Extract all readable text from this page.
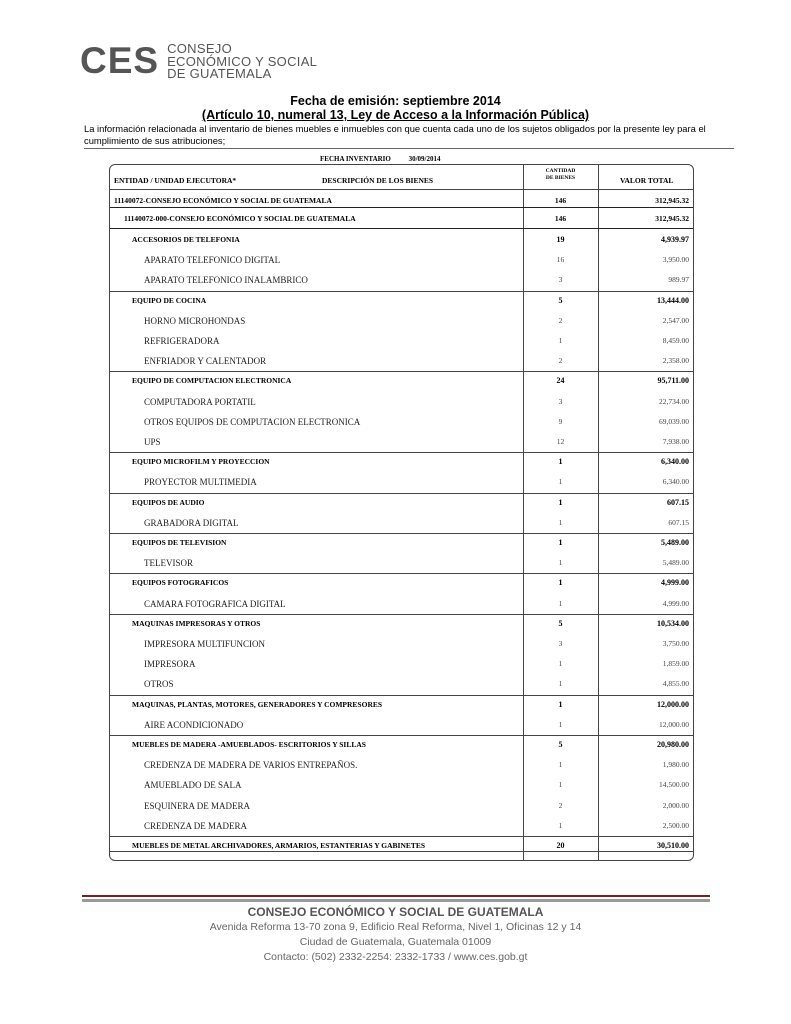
CES CONSEJO
ECONÓMICO Y SOCIAL
DE GUATEMALA
Fecha de emisión: septiembre 2014
(Artículo 10, numeral 13, Ley de Acceso a la Información Pública)
La información relacionada al inventario de bienes muebles e inmuebles con que cuenta cada uno de los sujetos obligados por la presente ley para el cumplimiento de sus atribuciones;
FECHA INVENTARIO	30/09/2014
ENTIDAD / UNIDAD EJECUTORA*	DESCRIPCIÓN DE LOS BIENES
CANTIDAD
DE BIENES	VALOR TOTAL
11140072-CONSEJO ECONÓMICO Y SOCIAL DE GUATEMALA	146	312,945.32
11140072-000-CONSEJO ECONÓMICO Y SOCIAL DE GUATEMALA	146	312,945.32
ACCESORIOS DE TELEFONIA	19	4,939.97
APARATO TELEFONICO DIGITAL	16	3,950.00
APARATO TELEFONICO INALAMBRICO	3	989.97
EQUIPO DE COCINA	5	13,444.00
HORNO MICROHONDAS	2	2,547.00
REFRIGERADORA	1	8,459.00
ENFRIADOR Y CALENTADOR	2	2,358.00
EQUIPO DE COMPUTACION ELECTRONICA	24	95,711.00
COMPUTADORA PORTATIL	3	22,734.00
OTROS EQUIPOS DE COMPUTACION ELECTRONICA	9	69,039.00
UPS	12	7,938.00
EQUIPO MICROFILM Y PROYECCION	1	6,340.00
PROYECTOR MULTIMEDIA	1	6,340.00
EQUIPOS DE AUDIO	1	607.15
GRABADORA DIGITAL	1	607.15
EQUIPOS DE TELEVISION	1	5,489.00
TELEVISOR	1	5,489.00
EQUIPOS FOTOGRAFICOS	1	4,999.00
CAMARA FOTOGRAFICA DIGITAL	1	4,999.00
MAQUINAS IMPRESORAS Y OTROS	5	10,534.00
IMPRESORA MULTIFUNCION	3	3,750.00
IMPRESORA	1	1,859.00
OTROS	1	4,855.00
MAQUINAS, PLANTAS, MOTORES, GENERADORES Y COMPRESORES	1	12,000.00
AIRE ACONDICIONADO	1	12,000.00
MUEBLES DE MADERA -AMUEBLADOS- ESCRITORIOS Y SILLAS	5	20,980.00
CREDENZA DE MADERA DE VARIOS ENTREPAÑOS.	1	1,980.00
AMUEBLADO DE SALA	1	14,500.00
ESQUINERA DE MADERA	2	2,000.00
CREDENZA DE MADERA	1	2,500.00
MUEBLES DE METAL ARCHIVADORES, ARMARIOS, ESTANTERIAS Y GABINETES	20	30,510.00
CONSEJO ECONÓMICO Y SOCIAL DE GUATEMALA
Avenida Reforma 13-70 zona 9, Edificio Real Reforma, Nivel 1, Oficinas 12 y 14
Ciudad de Guatemala, Guatemala 01009
Contacto: (502) 2332-2254: 2332-1733 / www.ces.gob.gt
